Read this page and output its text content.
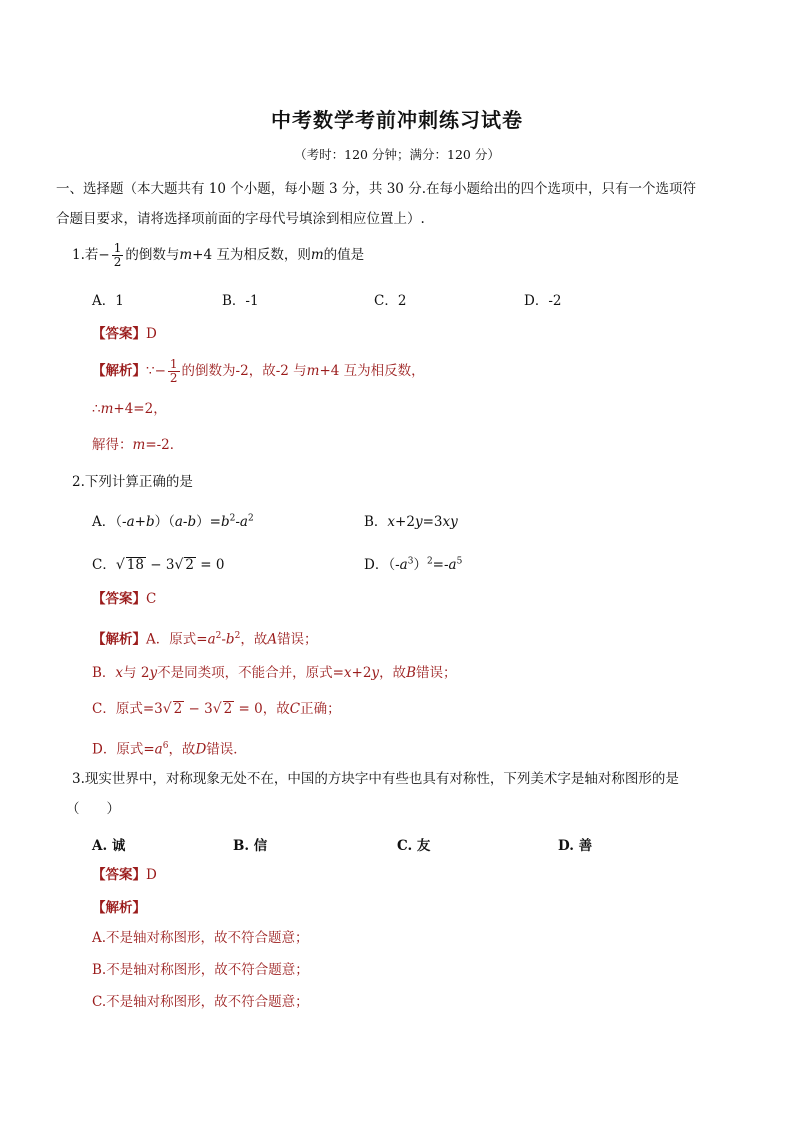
中考数学考前冲刺练习试卷
（考时：120 分钟；满分：120 分）
一、选择题（本大题共有 10 个小题，每小题 3 分，共 30 分.在每小题给出的四个选项中，只有一个选项符
合题目要求，请将选择项前面的字母代号填涂到相应位置上）.
1.若− $\frac{1}{2}$ 的倒数与m+4 互为相反数，则m的值是
A．1	B．-1	C．2	D．-2
【答案】D
【解析】∵− $\frac{1}{2}$ 的倒数为-2，故-2 与m+4 互为相反数，
∴m+4=2，
解得：m=-2．
2.下列计算正确的是
A．$(-a+b)(a-b)=b^2-a^2$	B．x+2y=3xy
C．√ 18 − 3√ 2 = 0	D．$(-a^3)^2=-a^5$
【答案】C
【解析】A．原式$=a^2-b^2$，故A错误；
B．x与 2y不是同类项，不能合并，原式=x+2y，故B错误；
C．原式=3√ 2 − 3√ 2 = 0，故C正确；
D．原式$=a^6$，故D错误．
3.现实世界中，对称现象无处不在，中国的方块字中有些也具有对称性，下列美术字是轴对称图形的是
（　　）
A. 诚	B. 信	C. 友	D. 善
【答案】D
【解析】
A.不是轴对称图形，故不符合题意；
B.不是轴对称图形，故不符合题意；
C.不是轴对称图形，故不符合题意；
